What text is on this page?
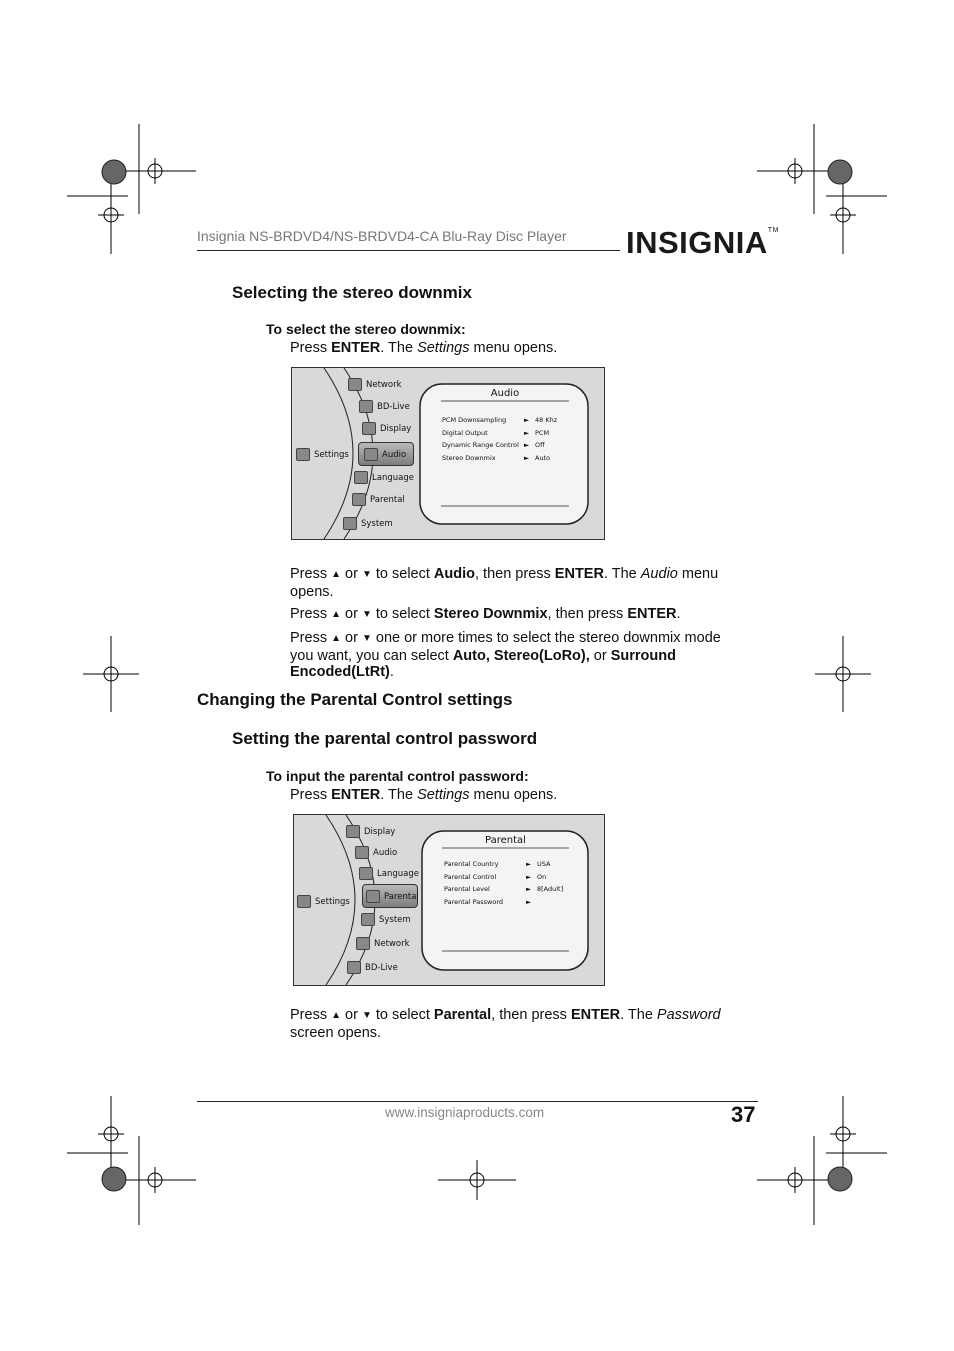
Insignia NS-BRDVD4/NS-BRDVD4-CA Blu-Ray Disc Player INSIGNIA™
Selecting the stereo downmix
To select the stereo downmix:
Press ENTER. The Settings menu opens.
Settings
Network
BD-Live
Display
Audio
Language
Parental
System
Audio
PCM Downsampling	► 48 Khz
Digital Output	► PCM
Dynamic Range Control ► Off
Stereo Downmix	► Auto
Press ▲ or ▼ to select Audio, then press ENTER. The Audio menu opens.
Press ▲ or ▼ to select Stereo Downmix, then press ENTER.
Press ▲ or ▼ one or more times to select the stereo downmix mode you want, you can select Auto, Stereo(LoRo), or Surround Encoded(LtRt).
Changing the Parental Control settings
Setting the parental control password
To input the parental control password:
Press ENTER. The Settings menu opens.
Settings
Display
Audio
Language
Parental
System
Network
BD-Live
Parental
Parental Country	► USA
Parental Control	► On
Parental Level	► 8[Adult]
Parental Password	►
Press ▲ or ▼ to select Parental, then press ENTER. The Password screen opens.
www.insigniaproducts.com	37
